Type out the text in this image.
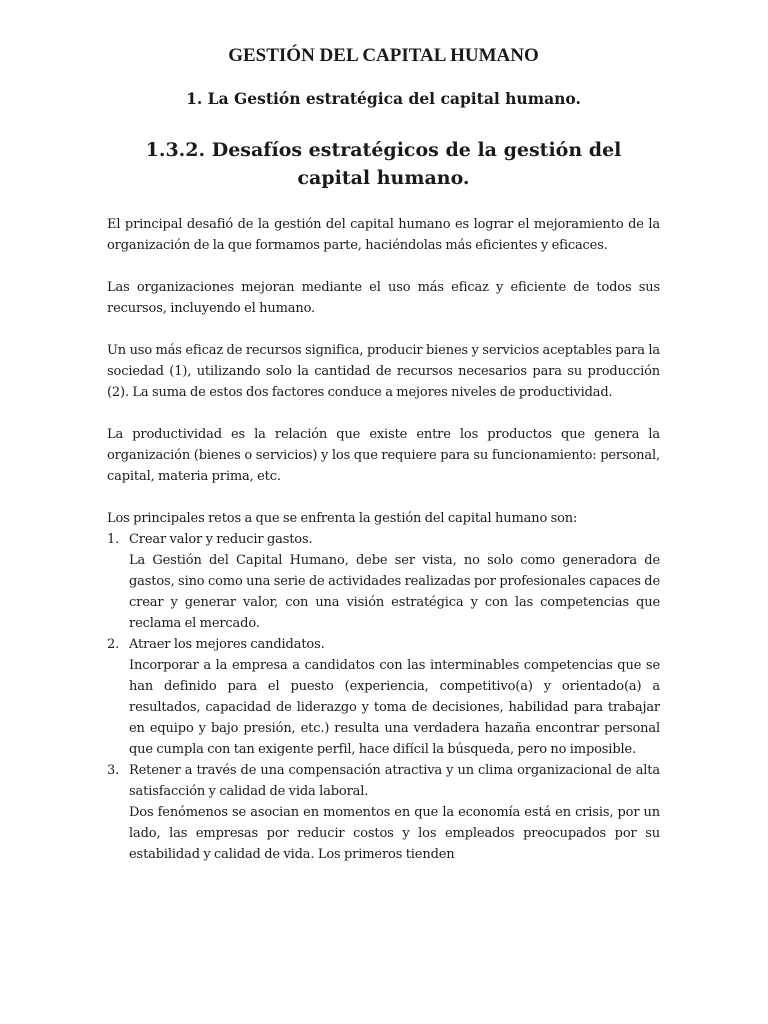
GESTIÓN DEL CAPITAL HUMANO
1. La Gestión estratégica del capital humano.
1.3.2. Desafíos estratégicos de la gestión del capital humano.

El principal desafió de la gestión del capital humano es lograr el mejoramiento de la organización de la que formamos parte, haciéndolas más eficientes y eficaces.

Las organizaciones mejoran mediante el uso más eficaz y eficiente de todos sus recursos, incluyendo el humano.

Un uso más eficaz de recursos significa, producir bienes y servicios aceptables para la sociedad (1), utilizando solo la cantidad de recursos necesarios para su producción (2). La suma de estos dos factores conduce a mejores niveles de productividad.

La productividad es la relación que existe entre los productos que genera la organización (bienes o servicios) y los que requiere para su funcionamiento: personal, capital, materia prima, etc.

Los principales retos a que se enfrenta la gestión del capital humano son:

1. Crear valor y reducir gastos.
La Gestión del Capital Humano, debe ser vista, no solo como generadora de gastos, sino como una serie de actividades realizadas por profesionales capaces de crear y generar valor, con una visión estratégica y con las competencias que reclama el mercado.
2. Atraer los mejores candidatos.
Incorporar a la empresa a candidatos con las interminables competencias que se han definido para el puesto (experiencia, competitivo(a) y orientado(a) a resultados, capacidad de liderazgo y toma de decisiones, habilidad para trabajar en equipo y bajo presión, etc.) resulta una verdadera hazaña encontrar personal que cumpla con tan exigente perfil, hace difícil la búsqueda, pero no imposible.
3. Retener a través de una compensación atractiva y un clima organizacional de alta satisfacción y calidad de vida laboral.
Dos fenómenos se asocian en momentos en que la economía está en crisis, por un lado, las empresas por reducir costos y los empleados preocupados por su estabilidad y calidad de vida. Los primeros tienden
